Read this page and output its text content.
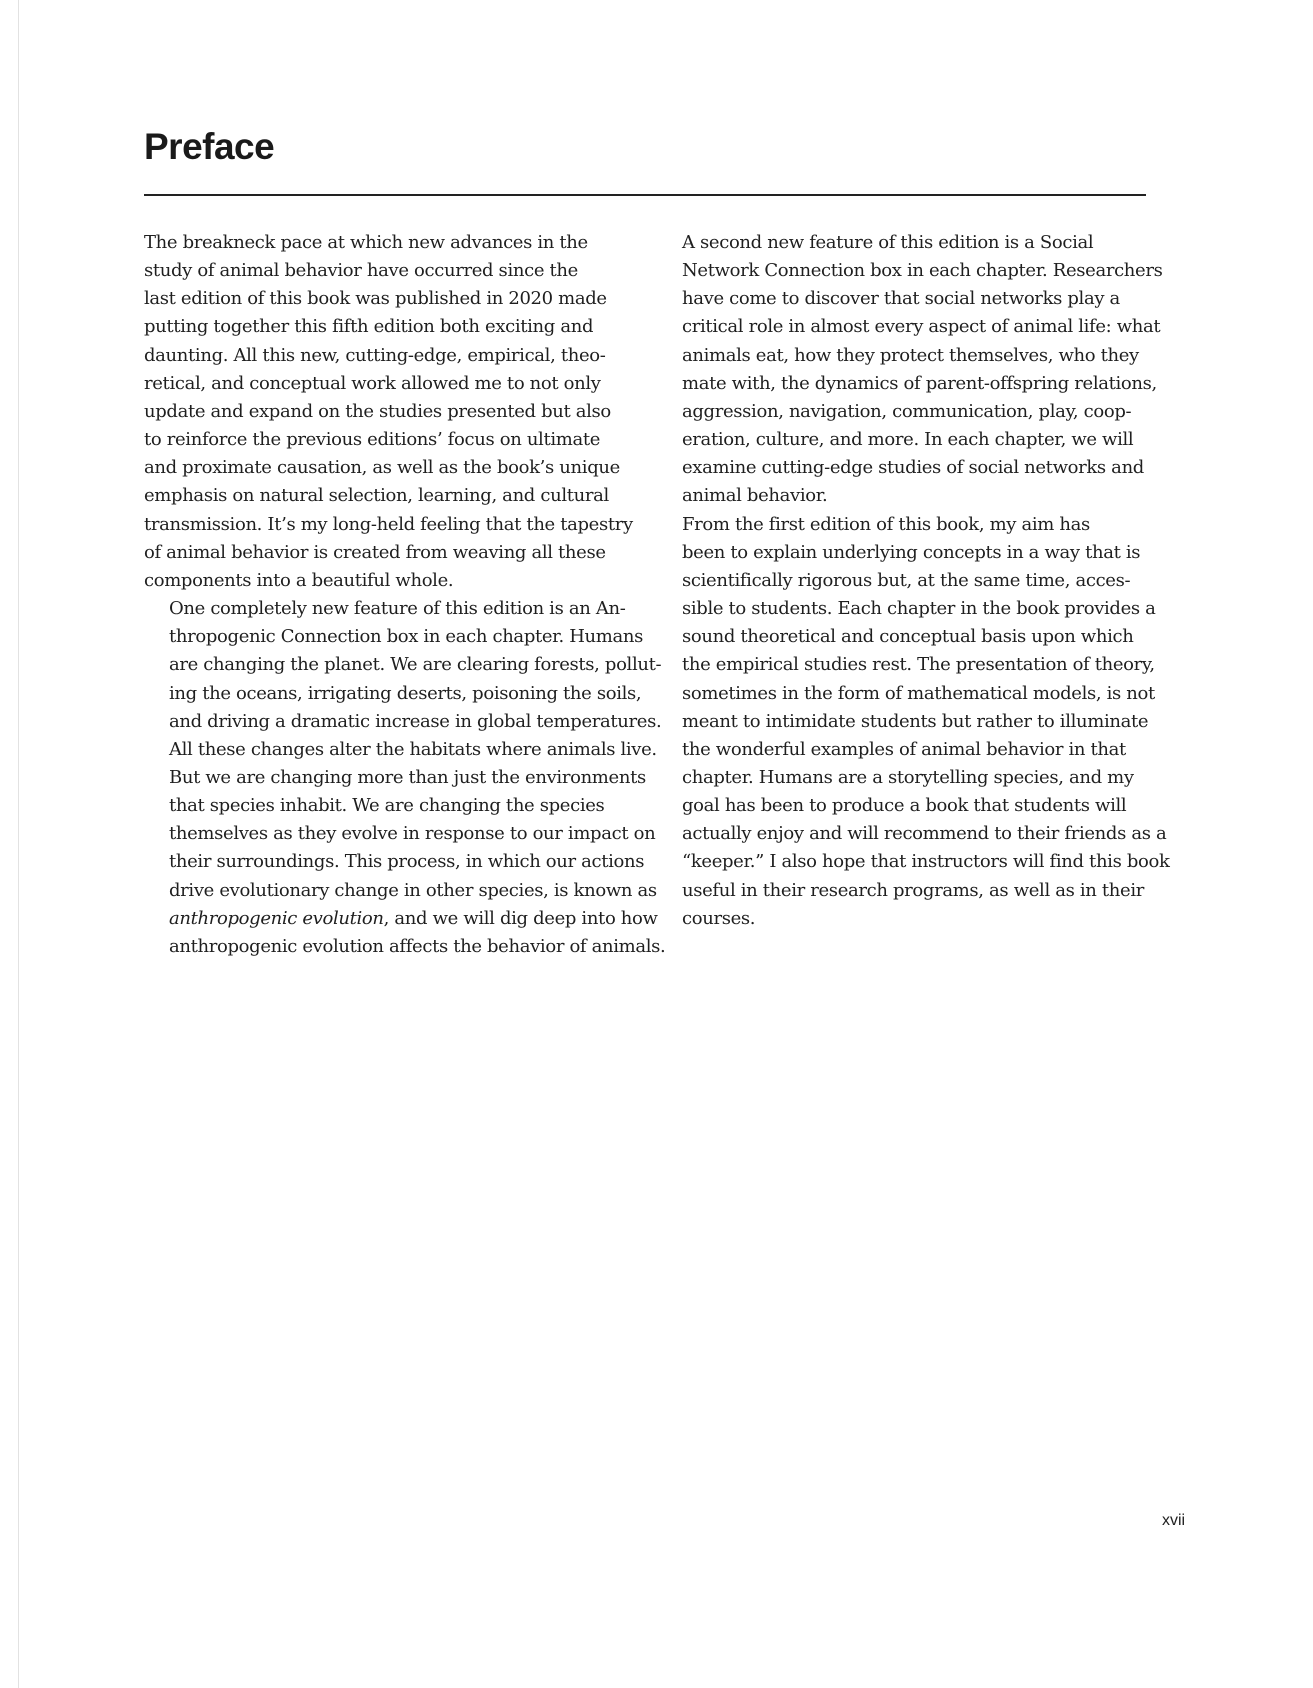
Preface

The breakneck pace at which new advances in the
study of animal behavior have occurred since the
last edition of this book was published in 2020 made
putting together this fifth edition both exciting and
daunting. All this new, cutting-edge, empirical, theo-
retical, and conceptual work allowed me to not only
update and expand on the studies presented but also
to reinforce the previous editions’ focus on ultimate
and proximate causation, as well as the book’s unique
emphasis on natural selection, learning, and cultural
transmission. It’s my long-held feeling that the tapestry
of animal behavior is created from weaving all these
components into a beautiful whole.

One completely new feature of this edition is an An-
thropogenic Connection box in each chapter. Humans
are changing the planet. We are clearing forests, pollut-
ing the oceans, irrigating deserts, poisoning the soils,
and driving a dramatic increase in global temperatures.
All these changes alter the habitats where animals live.
But we are changing more than just the environments
that species inhabit. We are changing the species
themselves as they evolve in response to our impact on
their surroundings. This process, in which our actions
drive evolutionary change in other species, is known as
anthropogenic evolution, and we will dig deep into how
anthropogenic evolution affects the behavior of animals.

A second new feature of this edition is a Social
Network Connection box in each chapter. Researchers
have come to discover that social networks play a
critical role in almost every aspect of animal life: what
animals eat, how they protect themselves, who they
mate with, the dynamics of parent-offspring relations,
aggression, navigation, communication, play, coop-
eration, culture, and more. In each chapter, we will
examine cutting-edge studies of social networks and
animal behavior.

From the first edition of this book, my aim has
been to explain underlying concepts in a way that is
scientifically rigorous but, at the same time, acces-
sible to students. Each chapter in the book provides a
sound theoretical and conceptual basis upon which
the empirical studies rest. The presentation of theory,
sometimes in the form of mathematical models, is not
meant to intimidate students but rather to illuminate
the wonderful examples of animal behavior in that
chapter. Humans are a storytelling species, and my
goal has been to produce a book that students will
actually enjoy and will recommend to their friends as a
“keeper.” I also hope that instructors will find this book
useful in their research programs, as well as in their
courses.

xvii
